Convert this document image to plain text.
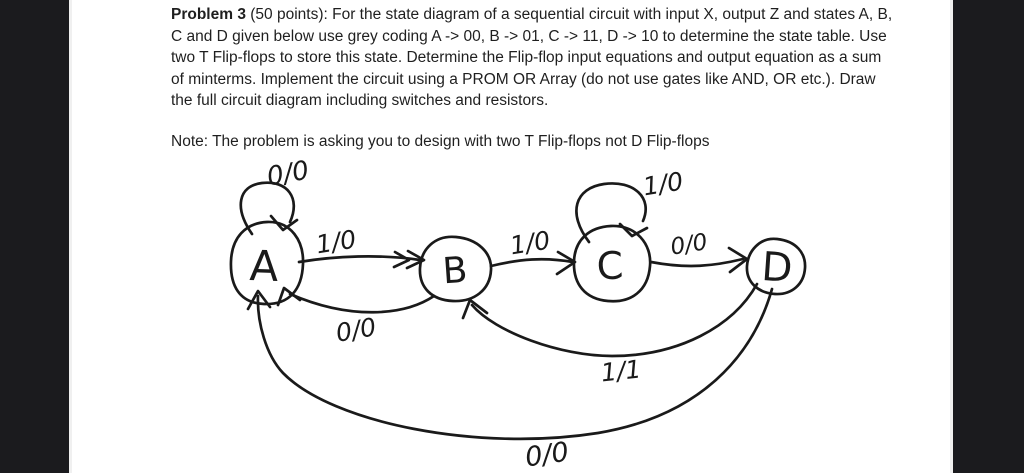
Problem 3 (50 points): For the state diagram of a sequential circuit with input X, output Z and states A, B,
C and D given below use grey coding A -> 00, B -> 01, C -> 11, D -> 10 to determine the state table. Use
two T Flip-flops to store this state. Determine the Flip-flop input equations and output equation as a sum
of minterms. Implement the circuit using a PROM OR Array (do not use gates like AND, OR etc.). Draw
the full circuit diagram including switches and resistors.
Note: The problem is asking you to design with two T Flip-flops not D Flip-flops
A	B	C	D
0/0
1/0
0/0
1/0
1/0
0/0
1/1
0/0
